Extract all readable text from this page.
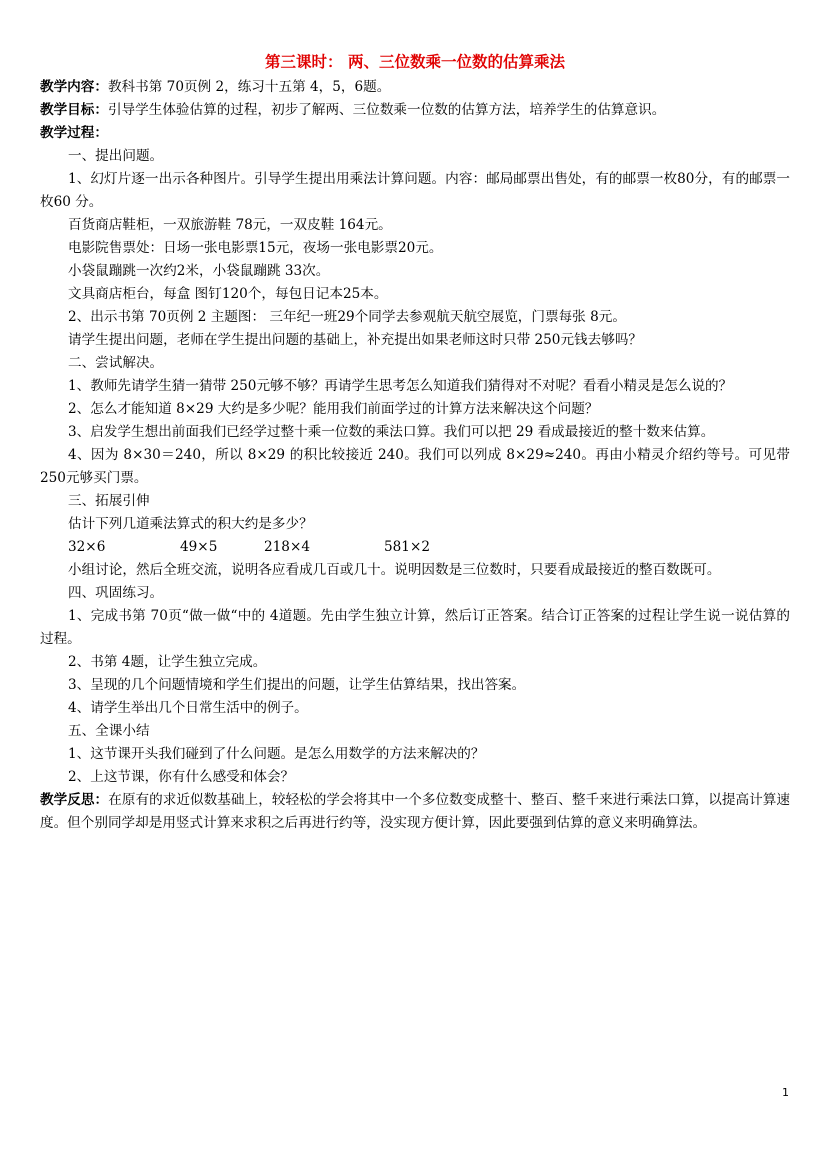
第三课时： 两、三位数乘一位数的估算乘法
教学内容：教科书第 70页例 2，练习十五第 4，5，6题。
教学目标：引导学生体验估算的过程，初步了解两、三位数乘一位数的估算方法，培养学生的估算意识。
教学过程：
一、提出问题。
1、幻灯片逐一出示各种图片。引导学生提出用乘法计算问题。内容：邮局邮票出售处，有的邮票一枚80分，有的邮票一枚60 分。
百货商店鞋柜，一双旅游鞋 78元，一双皮鞋 164元。
电影院售票处：日场一张电影票15元，夜场一张电影票20元。
小袋鼠蹦跳一次约2米，小袋鼠蹦跳 33次。
文具商店柜台，每盒 图钉120个，每包日记本25本。
2、出示书第 70页例 2 主题图： 三年纪一班29个同学去参观航天航空展览，门票每张 8元。
请学生提出问题，老师在学生提出问题的基础上，补充提出如果老师这时只带 250元钱去够吗？
二、尝试解决。
1、教师先请学生猜一猜带 250元够不够？再请学生思考怎么知道我们猜得对不对呢？看看小精灵是怎么说的？
2、怎么才能知道 8×29 大约是多少呢？能用我们前面学过的计算方法来解决这个问题？
3、启发学生想出前面我们已经学过整十乘一位数的乘法口算。我们可以把 29 看成最接近的整十数来估算。
4、因为 8×30＝240，所以 8×29 的积比较接近 240。我们可以列成 8×29≈240。再由小精灵介绍约等号。可见带250元够买门票。
三、拓展引伸
估计下列几道乘法算式的积大约是多少？
32×6	49×5	218×4	581×2
小组讨论，然后全班交流，说明各应看成几百或几十。说明因数是三位数时，只要看成最接近的整百数既可。
四、巩固练习。
1、完成书第 70页“做一做“中的 4道题。先由学生独立计算，然后订正答案。结合订正答案的过程让学生说一说估算的过程。
2、书第 4题，让学生独立完成。
3、呈现的几个问题情境和学生们提出的问题，让学生估算结果，找出答案。
4、请学生举出几个日常生活中的例子。
五、全课小结
1、这节课开头我们碰到了什么问题。是怎么用数学的方法来解决的？
2、上这节课，你有什么感受和体会？
教学反思：在原有的求近似数基础上，较轻松的学会将其中一个多位数变成整十、整百、整千来进行乘法口算，以提高计算速度。但个别同学却是用竖式计算来求积之后再进行约等，没实现方便计算，因此要强到估算的意义来明确算法。
1
